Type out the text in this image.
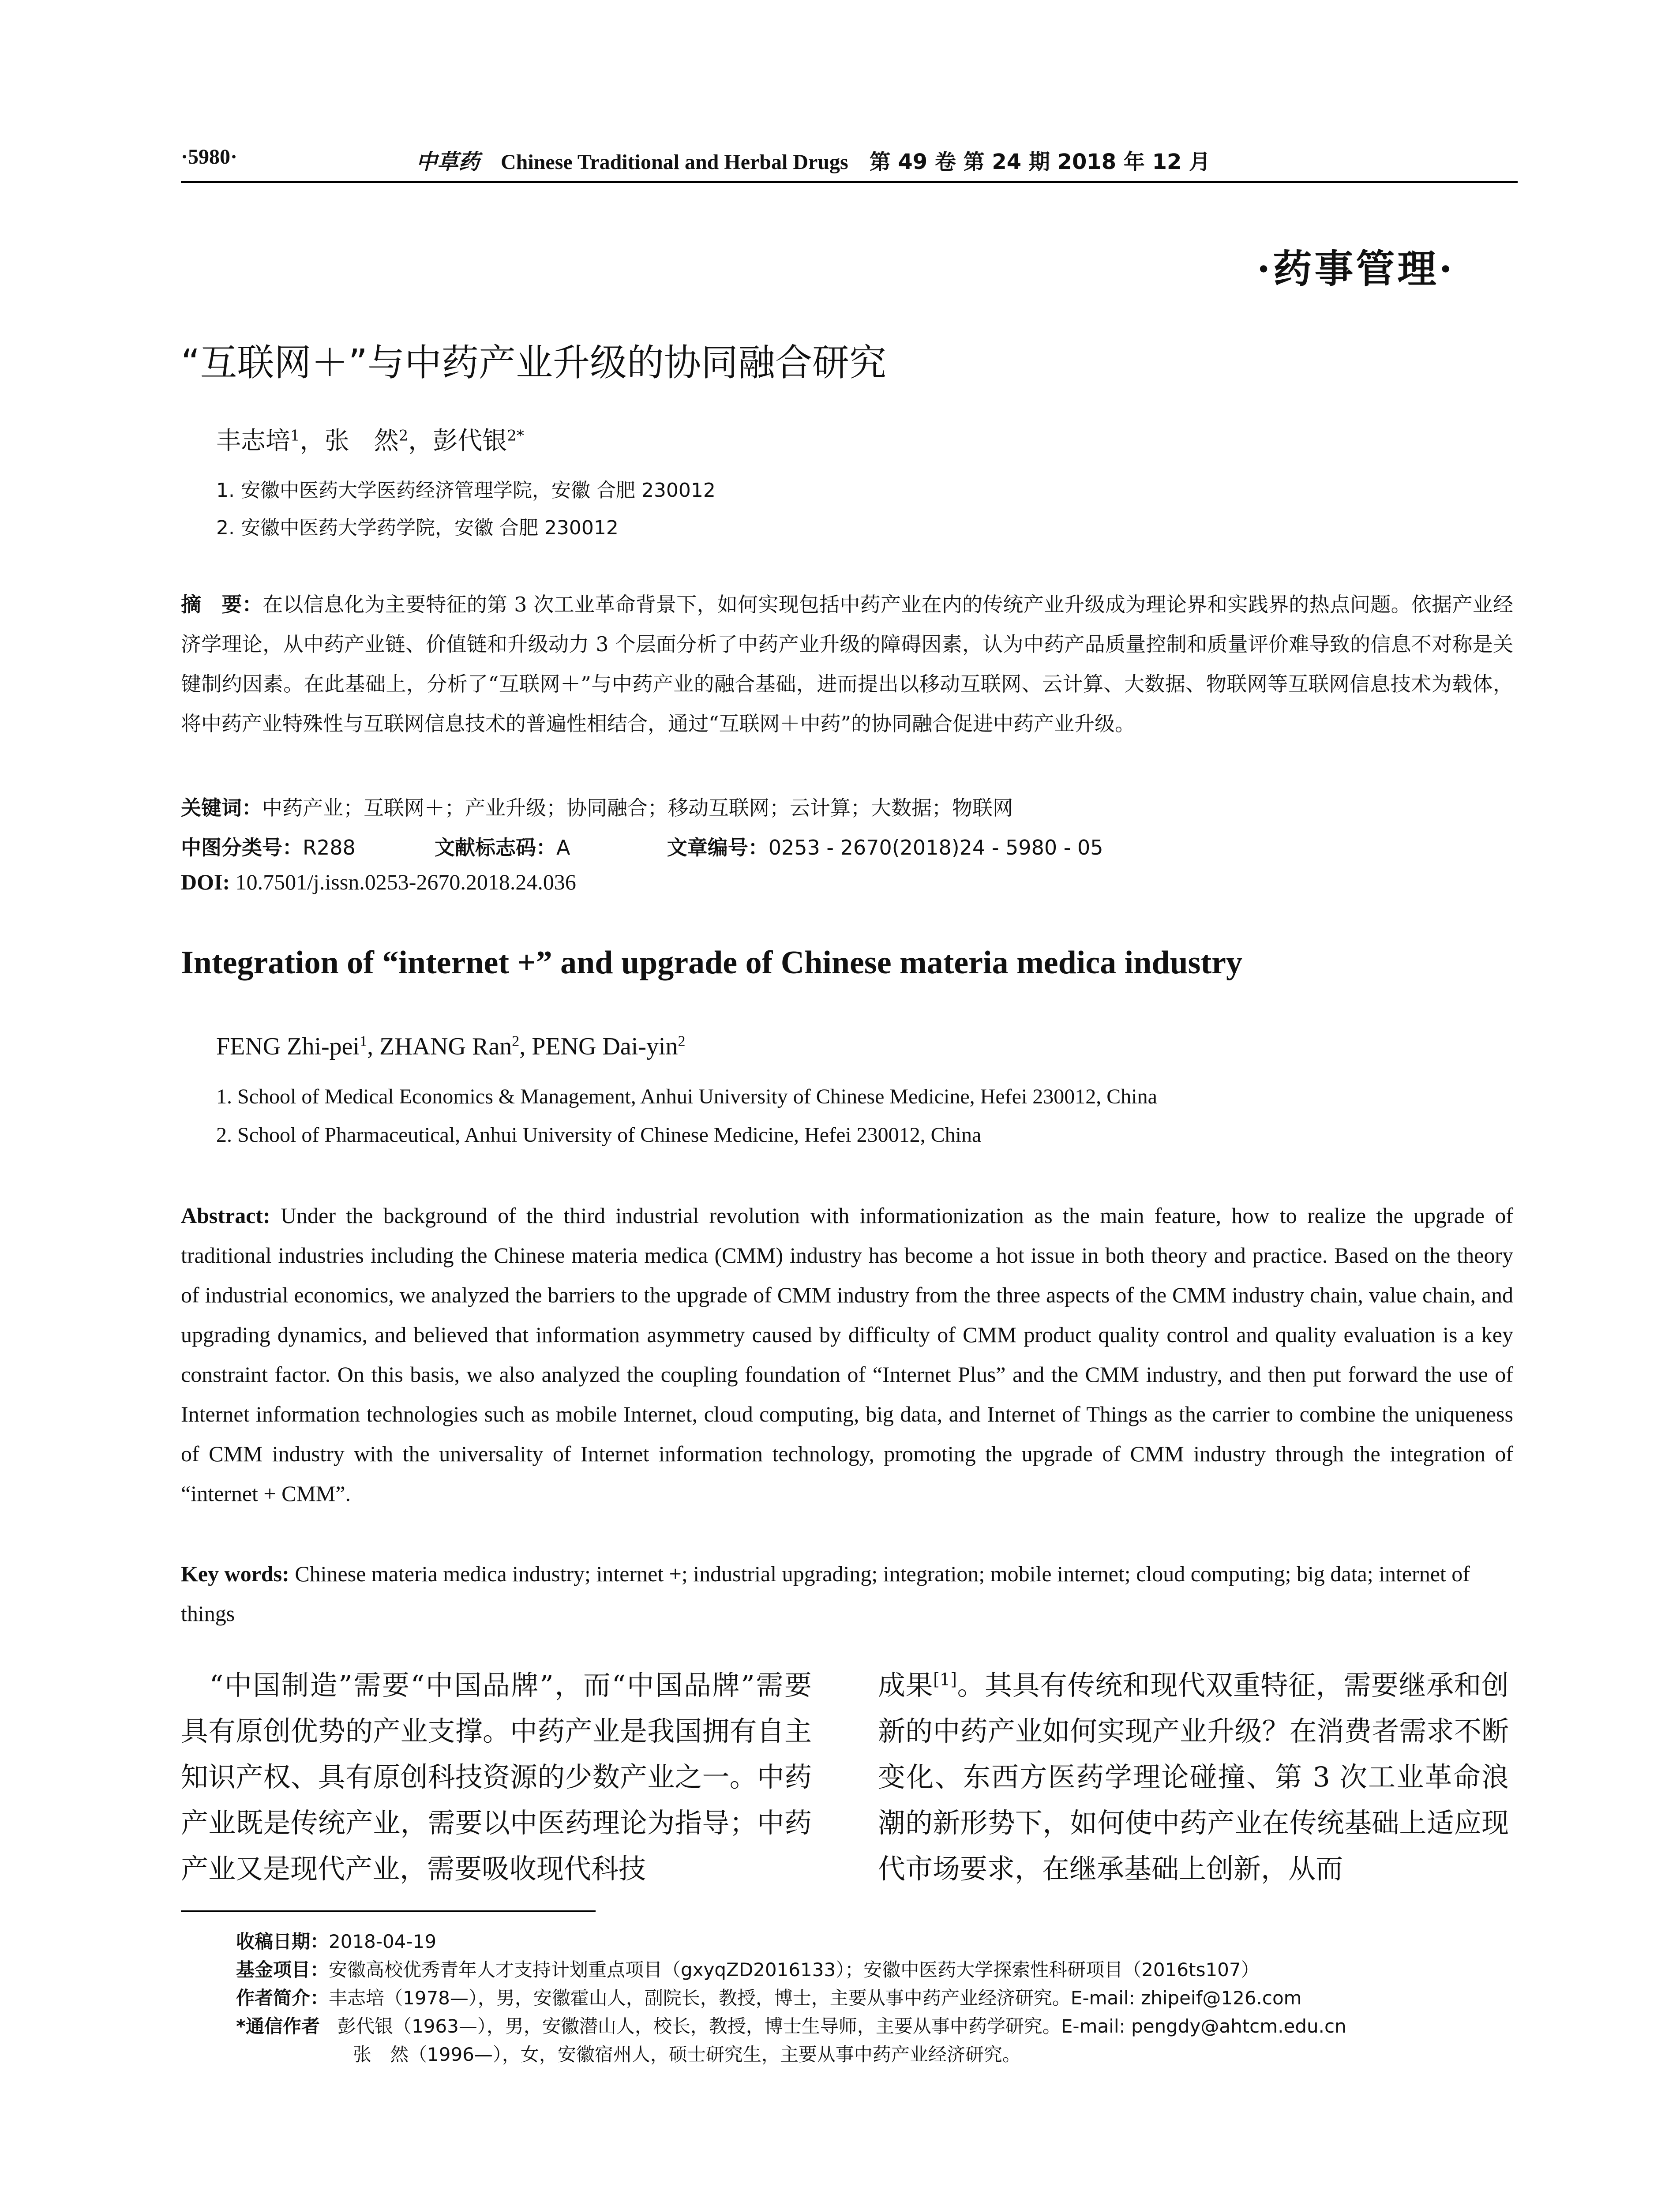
·5980·	中草药 Chinese Traditional and Herbal Drugs 第 49 卷 第 24 期 2018 年 12 月
·药事管理·
“互联网＋”与中药产业升级的协同融合研究
丰志培$^1$，张　然$^2$，彭代银$^{2*}$
1. 安徽中医药大学医药经济管理学院，安徽 合肥 230012
2. 安徽中医药大学药学院，安徽 合肥 230012
摘　要：在以信息化为主要特征的第 3 次工业革命背景下，如何实现包括中药产业在内的传统产业升级成为理论界和实践界的热点问题。依据产业经济学理论，从中药产业链、价值链和升级动力 3 个层面分析了中药产业升级的障碍因素，认为中药产品质量控制和质量评价难导致的信息不对称是关键制约因素。在此基础上，分析了“互联网＋”与中药产业的融合基础，进而提出以移动互联网、云计算、大数据、物联网等互联网信息技术为载体，将中药产业特殊性与互联网信息技术的普遍性相结合，通过“互联网＋中药”的协同融合促进中药产业升级。
关键词：中药产业；互联网＋；产业升级；协同融合；移动互联网；云计算；大数据；物联网
中图分类号：R288	文献标志码：A	文章编号：0253 - 2670(2018)24 - 5980 - 05
DOI: 10.7501/j.issn.0253-2670.2018.24.036
Integration of “internet +” and upgrade of Chinese materia medica industry
FENG Zhi-pei$^1$, ZHANG Ran$^2$, PENG Dai-yin$^2$
1. School of Medical Economics & Management, Anhui University of Chinese Medicine, Hefei 230012, China
2. School of Pharmaceutical, Anhui University of Chinese Medicine, Hefei 230012, China
Abstract: Under the background of the third industrial revolution with informationization as the main feature, how to realize the upgrade of traditional industries including the Chinese materia medica (CMM) industry has become a hot issue in both theory and practice. Based on the theory of industrial economics, we analyzed the barriers to the upgrade of CMM industry from the three aspects of the CMM industry chain, value chain, and upgrading dynamics, and believed that information asymmetry caused by difficulty of CMM product quality control and quality evaluation is a key constraint factor. On this basis, we also analyzed the coupling foundation of “Internet Plus” and the CMM industry, and then put forward the use of Internet information technologies such as mobile Internet, cloud computing, big data, and Internet of Things as the carrier to combine the uniqueness of CMM industry with the universality of Internet information technology, promoting the upgrade of CMM industry through the integration of “internet + CMM”.
Key words: Chinese materia medica industry; internet +; industrial upgrading; integration; mobile internet; cloud computing; big data; internet of things
　“中国制造”需要“中国品牌”，而“中国品牌”需要具有原创优势的产业支撑。中药产业是我国拥有自主知识产权、具有原创科技资源的少数产业之一。中药产业既是传统产业，需要以中医药理论为指导；中药产业又是现代产业，需要吸收现代科技
成果[1]。其具有传统和现代双重特征，需要继承和创新的中药产业如何实现产业升级？在消费者需求不断变化、东西方医药学理论碰撞、第 3 次工业革命浪潮的新形势下，如何使中药产业在传统基础上适应现代市场要求，在继承基础上创新，从而
收稿日期：2018-04-19
基金项目：安徽高校优秀青年人才支持计划重点项目（gxyqZD2016133）；安徽中医药大学探索性科研项目（2016ts107）
作者简介：丰志培（1978—），男，安徽霍山人，副院长，教授，博士，主要从事中药产业经济研究。E-mail: zhipeif@126.com
*通信作者 彭代银（1963—），男，安徽潜山人，校长，教授，博士生导师，主要从事中药学研究。E-mail: pengdy@ahtcm.edu.cn
张　然（1996—），女，安徽宿州人，硕士研究生，主要从事中药产业经济研究。
